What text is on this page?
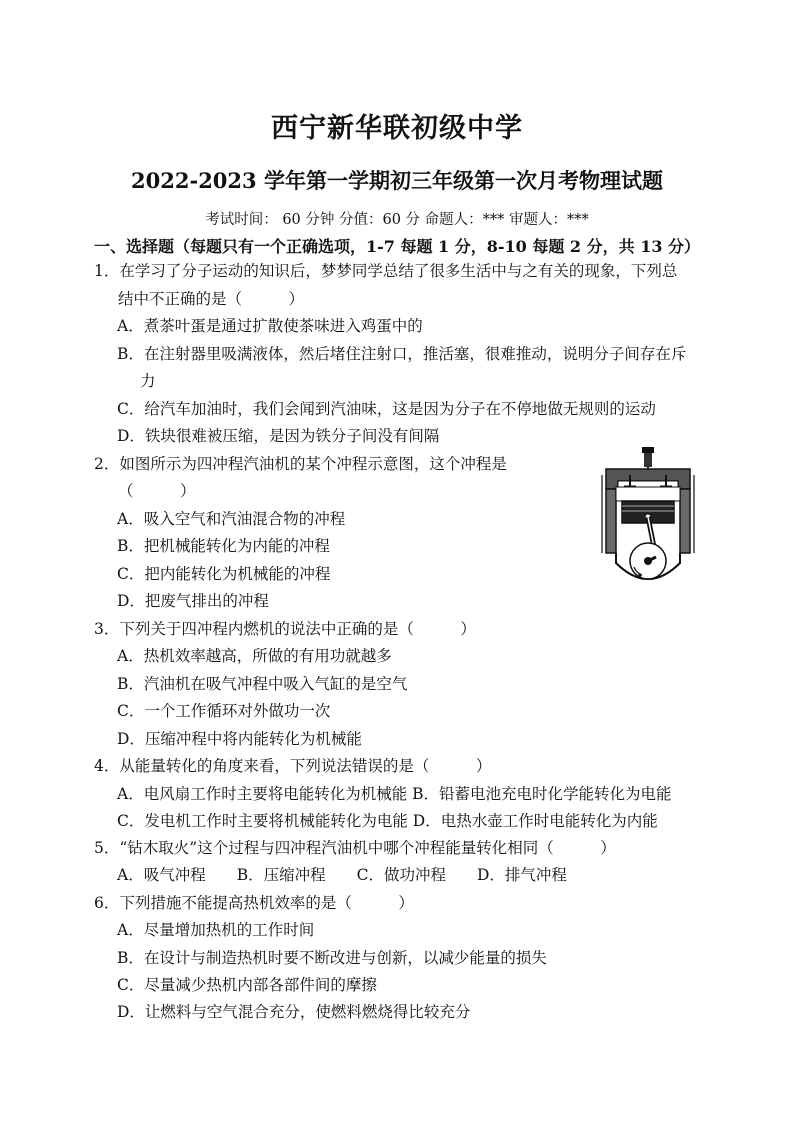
西宁新华联初级中学
2022-2023 学年第一学期初三年级第一次月考物理试题
考试时间： 60 分钟 分值：60 分 命题人：*** 审题人：***
一、选择题（每题只有一个正确选项，1-7 每题 1 分，8-10 每题 2 分，共 13 分）
1．在学习了分子运动的知识后，梦梦同学总结了很多生活中与之有关的现象，下列总
结中不正确的是（　　　）
A．煮茶叶蛋是通过扩散使茶味进入鸡蛋中的
B．在注射器里吸满液体，然后堵住注射口，推活塞，很难推动，说明分子间存在斥
力
C．给汽车加油时，我们会闻到汽油味，这是因为分子在不停地做无规则的运动
D．铁块很难被压缩，是因为铁分子间没有间隔
2．如图所示为四冲程汽油机的某个冲程示意图，这个冲程是
（　　　）
A．吸入空气和汽油混合物的冲程
B．把机械能转化为内能的冲程
C．把内能转化为机械能的冲程
D．把废气排出的冲程
3．下列关于四冲程内燃机的说法中正确的是（　　　）
A．热机效率越高，所做的有用功就越多
B．汽油机在吸气冲程中吸入气缸的是空气
C．一个工作循环对外做功一次
D．压缩冲程中将内能转化为机械能
4．从能量转化的角度来看，下列说法错误的是（　　　）
A．电风扇工作时主要将电能转化为机械能 B．铅蓄电池充电时化学能转化为电能
C．发电机工作时主要将机械能转化为电能 D．电热水壶工作时电能转化为内能
5．“钻木取火”这个过程与四冲程汽油机中哪个冲程能量转化相同（　　　）
A．吸气冲程　　B．压缩冲程　　C．做功冲程　　D．排气冲程
6．下列措施不能提高热机效率的是（　　　）
A．尽量增加热机的工作时间
B．在设计与制造热机时要不断改进与创新，以减少能量的损失
C．尽量减少热机内部各部件间的摩擦
D．让燃料与空气混合充分，使燃料燃烧得比较充分
